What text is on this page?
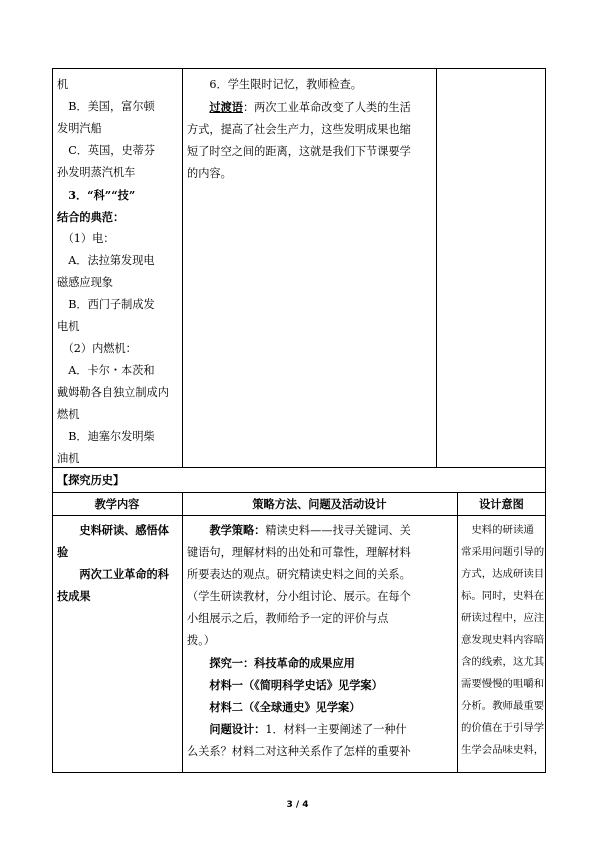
机
　B．美国，富尔顿
发明汽船
　C．英国，史蒂芬
孙发明蒸汽机车
　3．“科”“技”
结合的典范：
　（1）电：
　A．法拉第发现电
磁感应现象
　B．西门子制成发
电机
　（2）内燃机：
　A．卡尔・本茨和
戴姆勒各自独立制成内
燃机
　B．迪塞尔发明柴
油机
　　6．学生限时记忆，教师检查。
　　过渡语：两次工业革命改变了人类的生活
方式，提高了社会生产力，这些发明成果也缩
短了时空之间的距离，这就是我们下节课要学
的内容。
【探究历史】
教学内容	策略方法、问题及活动设计	设计意图
　　史料研读、感悟体
验
　　两次工业革命的科
技成果
　　教学策略：精读史料——找寻关键词、关
键语句，理解材料的出处和可靠性，理解材料
所要表达的观点。研究精读史料之间的关系。
（学生研读教材，分小组讨论、展示。在每个
小组展示之后，教师给予一定的评价与点
拨。）
　　探究一：科技革命的成果应用
　　材料一（《简明科学史话》见学案）
　　材料二（《全球通史》见学案）
　　问题设计：1．材料一主要阐述了一种什
么关系？材料二对这种关系作了怎样的重要补
　史料的研读通
常采用问题引导的
方式，达成研读目
标。同时，史料在
研读过程中，应注
意发现史料内容暗
含的线索，这尤其
需要慢慢的咀嚼和
分析。教师最重要
的价值在于引导学
生学会品味史料，
3 / 4
